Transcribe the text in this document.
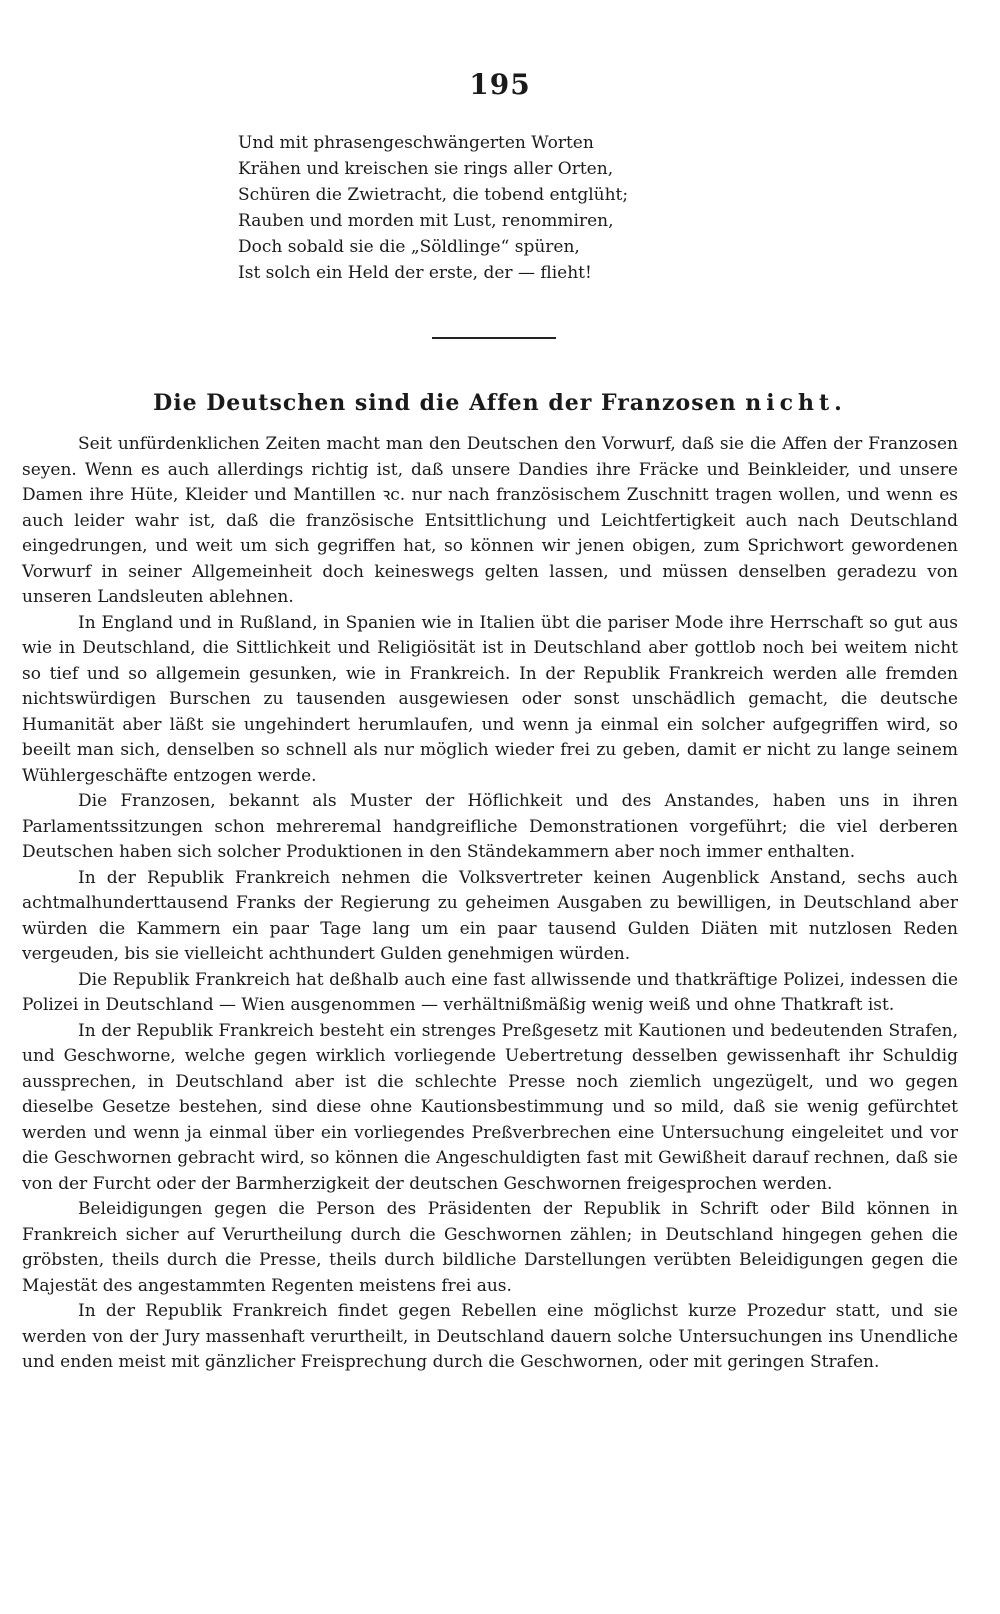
195
Und mit phrasengeschwängerten Worten
Krähen und kreischen sie rings aller Orten,
Schüren die Zwietracht, die tobend entglüht;
Rauben und morden mit Lust, renommiren,
Doch sobald sie die „Söldlinge“ spüren,
Ist solch ein Held der erste, der — flieht!
Die Deutschen sind die Affen der Franzosen nicht.

Seit unfürdenklichen Zeiten macht man den Deutschen den Vorwurf, daß sie die Affen der Franzosen seyen. Wenn es auch allerdings richtig ist, daß unsere Dandies ihre Fräcke und Beinkleider, und unsere Damen ihre Hüte, Kleider und Mantillen ꝛc. nur nach französischem Zuschnitt tragen wollen, und wenn es auch leider wahr ist, daß die französische Entsittlichung und Leichtfertigkeit auch nach Deutschland eingedrungen, und weit um sich gegriffen hat, so können wir jenen obigen, zum Sprichwort gewordenen Vorwurf in seiner Allgemeinheit doch keineswegs gelten lassen, und müssen denselben geradezu von unseren Landsleuten ablehnen.

In England und in Rußland, in Spanien wie in Italien übt die pariser Mode ihre Herrschaft so gut aus wie in Deutschland, die Sittlichkeit und Religiösität ist in Deutschland aber gottlob noch bei weitem nicht so tief und so allgemein gesunken, wie in Frankreich. In der Republik Frankreich werden alle fremden nichtswürdigen Burschen zu tausenden ausgewiesen oder sonst unschädlich gemacht, die deutsche Humanität aber läßt sie ungehindert herumlaufen, und wenn ja einmal ein solcher aufgegriffen wird, so beeilt man sich, denselben so schnell als nur möglich wieder frei zu geben, damit er nicht zu lange seinem Wühlergeschäfte entzogen werde.

Die Franzosen, bekannt als Muster der Höflichkeit und des Anstandes, haben uns in ihren Parlamentssitzungen schon mehreremal handgreifliche Demonstrationen vorgeführt; die viel derberen Deutschen haben sich solcher Produktionen in den Ständekammern aber noch immer enthalten.

In der Republik Frankreich nehmen die Volksvertreter keinen Augenblick Anstand, sechs auch achtmalhunderttausend Franks der Regierung zu geheimen Ausgaben zu bewilligen, in Deutschland aber würden die Kammern ein paar Tage lang um ein paar tausend Gulden Diäten mit nutzlosen Reden vergeuden, bis sie vielleicht achthundert Gulden genehmigen würden.

Die Republik Frankreich hat deßhalb auch eine fast allwissende und thatkräftige Polizei, indessen die Polizei in Deutschland — Wien ausgenommen — verhältnißmäßig wenig weiß und ohne Thatkraft ist.

In der Republik Frankreich besteht ein strenges Preßgesetz mit Kautionen und bedeutenden Strafen, und Geschworne, welche gegen wirklich vorliegende Uebertretung desselben gewissenhaft ihr Schuldig aussprechen, in Deutschland aber ist die schlechte Presse noch ziemlich ungezügelt, und wo gegen dieselbe Gesetze bestehen, sind diese ohne Kautionsbestimmung und so mild, daß sie wenig gefürchtet werden und wenn ja einmal über ein vorliegendes Preßverbrechen eine Untersuchung eingeleitet und vor die Geschwornen gebracht wird, so können die Angeschuldigten fast mit Gewißheit darauf rechnen, daß sie von der Furcht oder der Barmherzigkeit der deutschen Geschwornen freigesprochen werden.

Beleidigungen gegen die Person des Präsidenten der Republik in Schrift oder Bild können in Frankreich sicher auf Verurtheilung durch die Geschwornen zählen; in Deutschland hingegen gehen die gröbsten, theils durch die Presse, theils durch bildliche Darstellungen verübten Beleidigungen gegen die Majestät des angestammten Regenten meistens frei aus.

In der Republik Frankreich findet gegen Rebellen eine möglichst kurze Prozedur statt, und sie werden von der Jury massenhaft verurtheilt, in Deutschland dauern solche Untersuchungen ins Unendliche und enden meist mit gänzlicher Freisprechung durch die Geschwornen, oder mit geringen Strafen.
